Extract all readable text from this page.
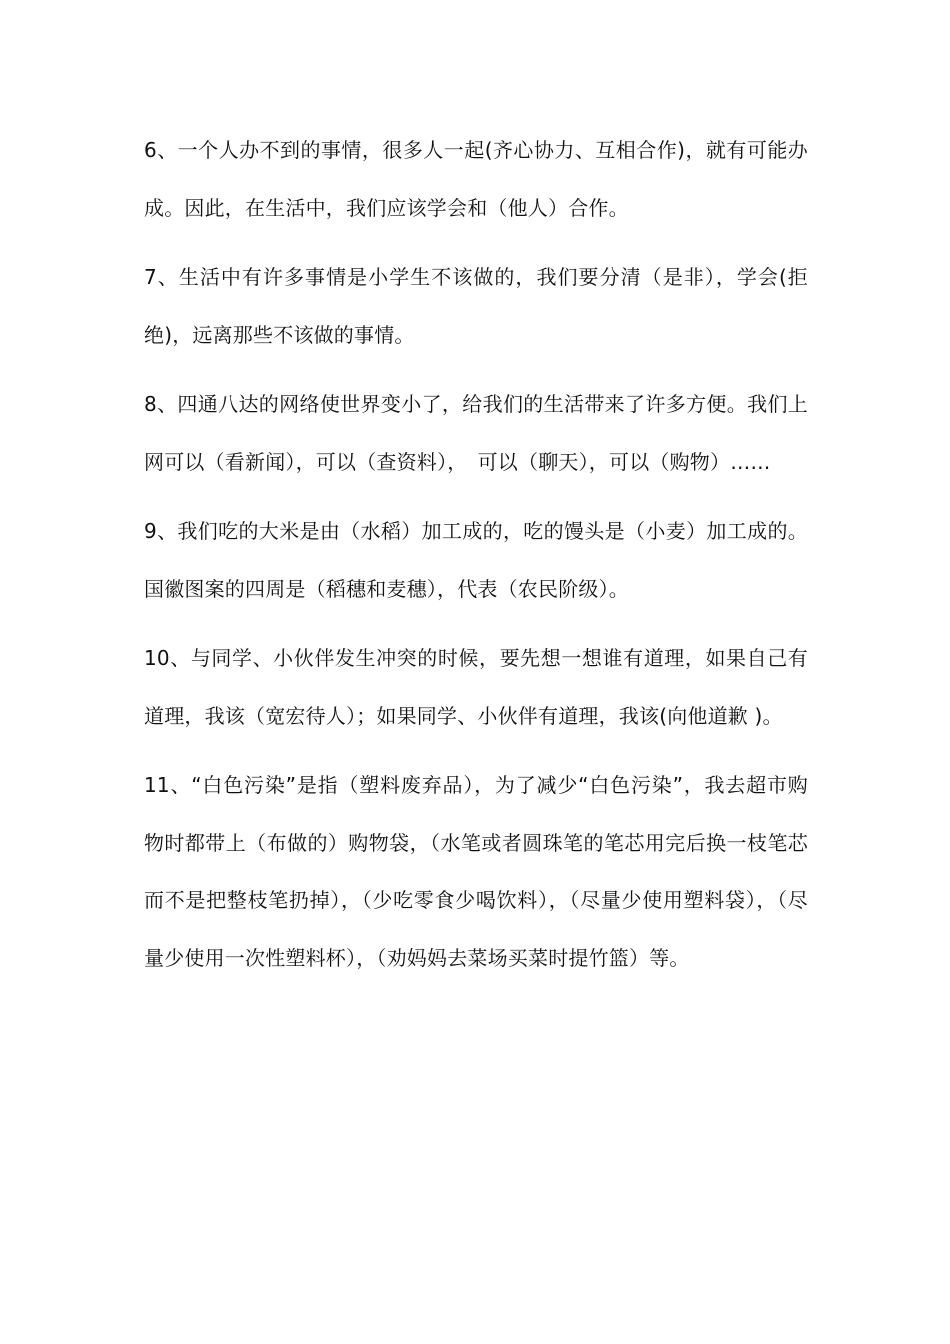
6、一个人办不到的事情，很多人一起(齐心协力、互相合作)，就有可能办成。因此，在生活中，我们应该学会和（他人）合作。

7、生活中有许多事情是小学生不该做的，我们要分清（是非），学会(拒绝)，远离那些不该做的事情。

8、四通八达的网络使世界变小了，给我们的生活带来了许多方便。我们上网可以（看新闻），可以（查资料），　可以（聊天），可以（购物）……

9、我们吃的大米是由（水稻）加工成的，吃的馒头是（小麦）加工成的。国徽图案的四周是（稻穗和麦穗），代表（农民阶级）。

10、与同学、小伙伴发生冲突的时候，要先想一想谁有道理，如果自己有道理，我该（宽宏待人）；如果同学、小伙伴有道理，我该(向他道歉 )。

11、“白色污染”是指（塑料废弃品），为了减少“白色污染”，我去超市购物时都带上（布做的）购物袋，（水笔或者圆珠笔的笔芯用完后换一枝笔芯而不是把整枝笔扔掉），（少吃零食少喝饮料），（尽量少使用塑料袋），（尽量少使用一次性塑料杯），（劝妈妈去菜场买菜时提竹篮）等。
